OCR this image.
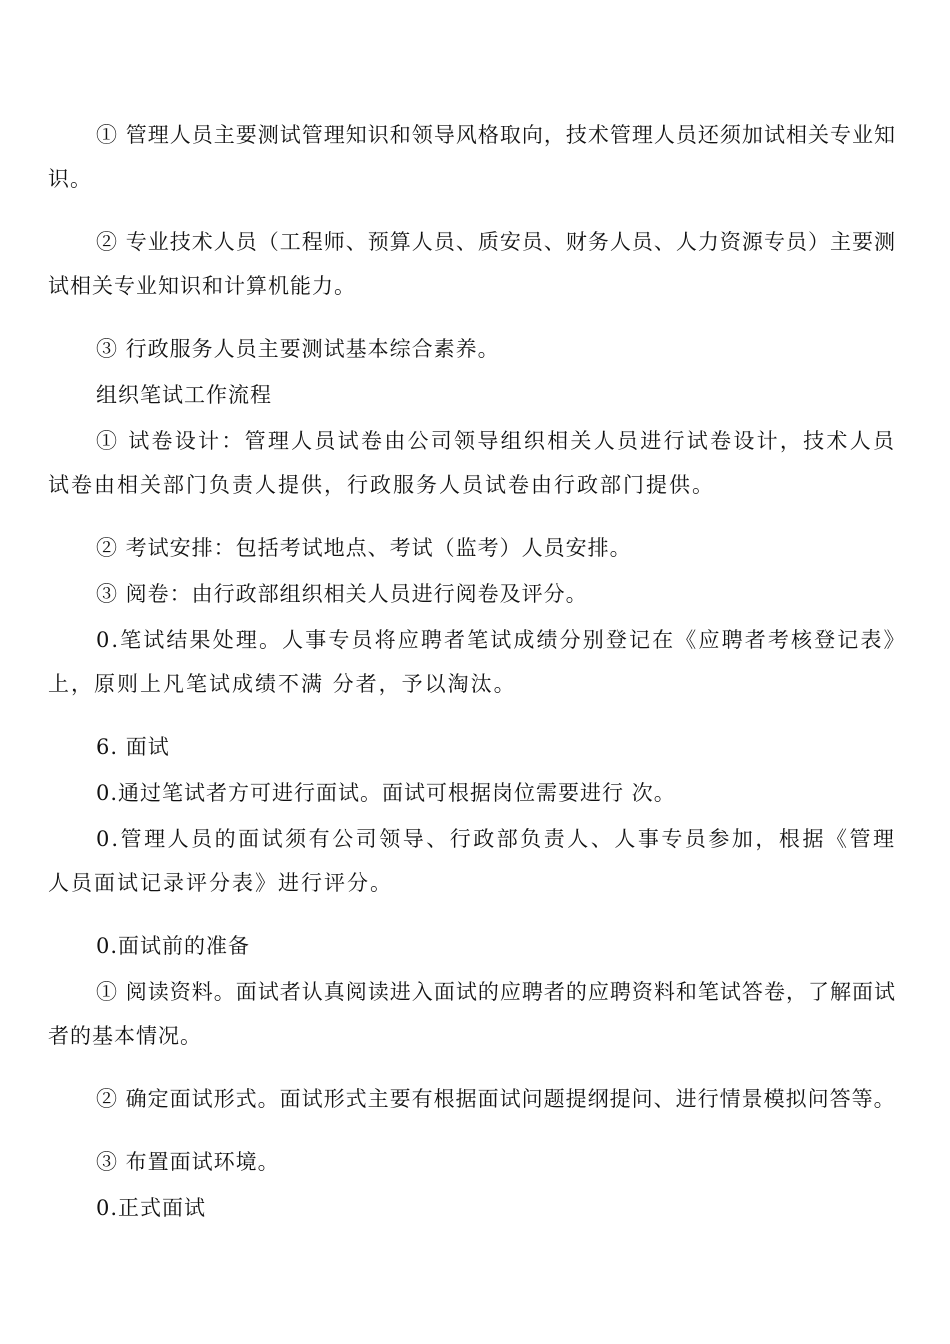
① 管理人员主要测试管理知识和领导风格取向，技术管理人员还须加试相关专业知识。

② 专业技术人员（工程师、预算人员、质安员、财务人员、人力资源专员）主要测试相关专业知识和计算机能力。

③ 行政服务人员主要测试基本综合素养。

组织笔试工作流程

① 试卷设计：管理人员试卷由公司领导组织相关人员进行试卷设计，技术人员试卷由相关部门负责人提供，行政服务人员试卷由行政部门提供。

② 考试安排：包括考试地点、考试（监考）人员安排。

③ 阅卷：由行政部组织相关人员进行阅卷及评分。

0.笔试结果处理。人事专员将应聘者笔试成绩分别登记在《应聘者考核登记表》上，原则上凡笔试成绩不满 分者，予以淘汰。

6. 面试

0.通过笔试者方可进行面试。面试可根据岗位需要进行 次。

0.管理人员的面试须有公司领导、行政部负责人、人事专员参加，根据《管理人员面试记录评分表》进行评分。

0.面试前的准备

① 阅读资料。面试者认真阅读进入面试的应聘者的应聘资料和笔试答卷，了解面试者的基本情况。

② 确定面试形式。面试形式主要有根据面试问题提纲提问、进行情景模拟问答等。

③ 布置面试环境。

0.正式面试
